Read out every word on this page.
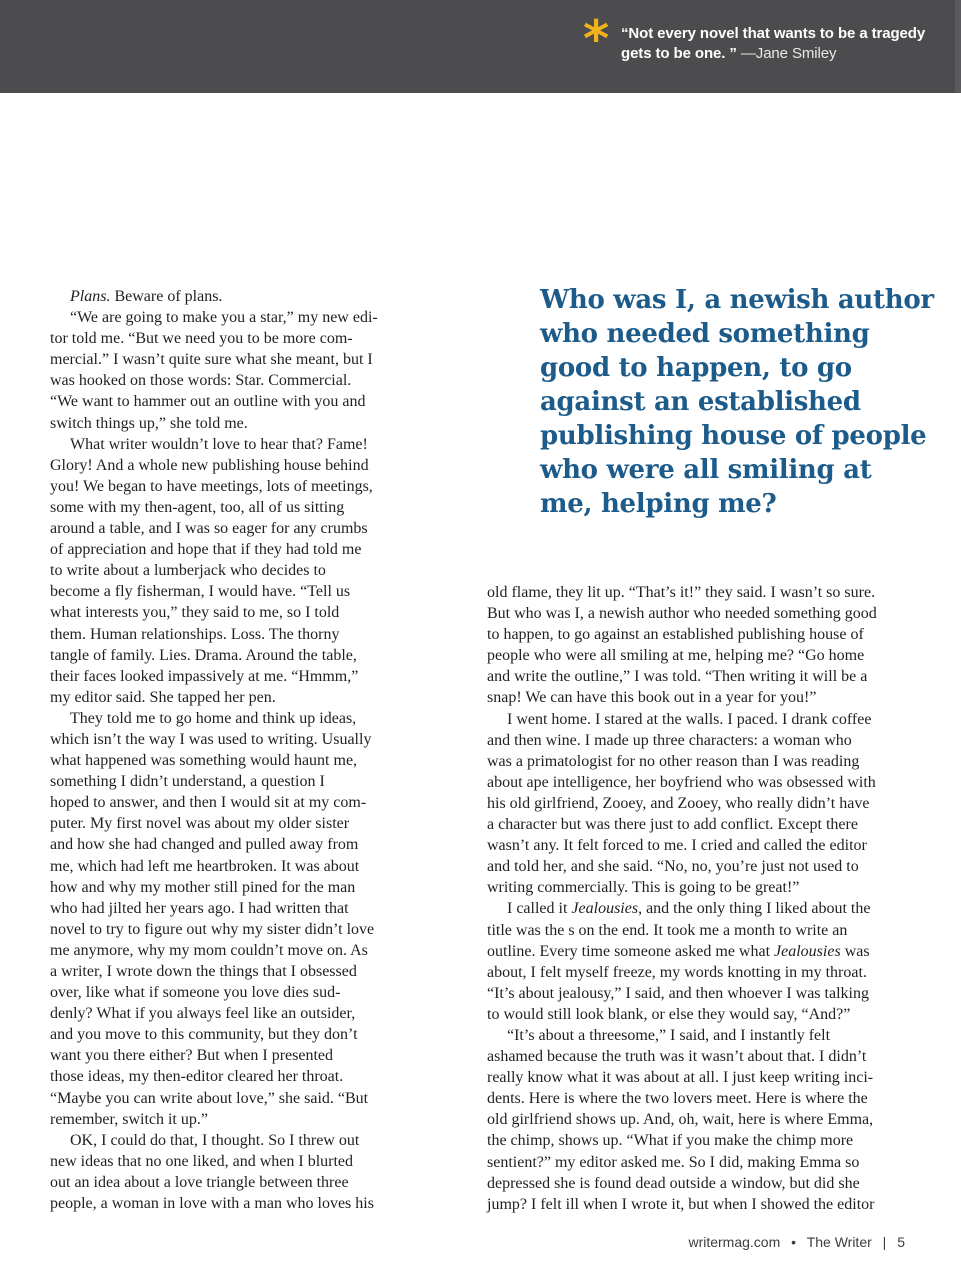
* “Not every novel that wants to be a tragedy gets to be one. ” —Jane Smiley

Plans. Beware of plans.

“We are going to make you a star,” my new edi-

tor told me. “But we need you to be more com-
mercial.” I wasn’t quite sure what she meant, but I
was hooked on those words: Star. Commercial.
“We want to hammer out an outline with you and
switch things up,” she told me.

What writer wouldn’t love to hear that? Fame!

Glory! And a whole new publishing house behind
you! We began to have meetings, lots of meetings,
some with my then-agent, too, all of us sitting
around a table, and I was so eager for any crumbs
of appreciation and hope that if they had told me
to write about a lumberjack who decides to
become a fly fisherman, I would have. “Tell us
what interests you,” they said to me, so I told
them. Human relationships. Loss. The thorny
tangle of family. Lies. Drama. Around the table,
their faces looked impassively at me. “Hmmm,”
my editor said. She tapped her pen.

They told me to go home and think up ideas,

which isn’t the way I was used to writing. Usually
what happened was something would haunt me,
something I didn’t understand, a question I
hoped to answer, and then I would sit at my com-
puter. My first novel was about my older sister
and how she had changed and pulled away from
me, which had left me heartbroken. It was about
how and why my mother still pined for the man
who had jilted her years ago. I had written that
novel to try to figure out why my sister didn’t love
me anymore, why my mom couldn’t move on. As
a writer, I wrote down the things that I obsessed
over, like what if someone you love dies sud-
denly? What if you always feel like an outsider,
and you move to this community, but they don’t
want you there either? But when I presented
those ideas, my then-editor cleared her throat.
“Maybe you can write about love,” she said. “But
remember, switch it up.”

OK, I could do that, I thought. So I threw out

new ideas that no one liked, and when I blurted
out an idea about a love triangle between three
people, a woman in love with a man who loves his

Who was I, a newish author
who needed something
good to happen, to go
against an established
publishing house of people
who were all smiling at
me, helping me?

old flame, they lit up. “That’s it!” they said. I wasn’t so sure.
But who was I, a newish author who needed something good
to happen, to go against an established publishing house of
people who were all smiling at me, helping me? “Go home
and write the outline,” I was told. “Then writing it will be a
snap! We can have this book out in a year for you!”

I went home. I stared at the walls. I paced. I drank coffee

and then wine. I made up three characters: a woman who
was a primatologist for no other reason than I was reading
about ape intelligence, her boyfriend who was obsessed with
his old girlfriend, Zooey, and Zooey, who really didn’t have
a character but was there just to add conflict. Except there
wasn’t any. It felt forced to me. I cried and called the editor
and told her, and she said. “No, no, you’re just not used to
writing commercially. This is going to be great!”

I called it Jealousies, and the only thing I liked about the

title was the s on the end. It took me a month to write an
outline. Every time someone asked me what Jealousies was
about, I felt myself freeze, my words knotting in my throat.
“It’s about jealousy,” I said, and then whoever I was talking
to would still look blank, or else they would say, “And?”

“It’s about a threesome,” I said, and I instantly felt

ashamed because the truth was it wasn’t about that. I didn’t
really know what it was about at all. I just keep writing inci-
dents. Here is where the two lovers meet. Here is where the
old girlfriend shows up. And, oh, wait, here is where Emma,
the chimp, shows up. “What if you make the chimp more
sentient?” my editor asked me. So I did, making Emma so
depressed she is found dead outside a window, but did she
jump? I felt ill when I wrote it, but when I showed the editor

writermag.com • The Writer | 5
